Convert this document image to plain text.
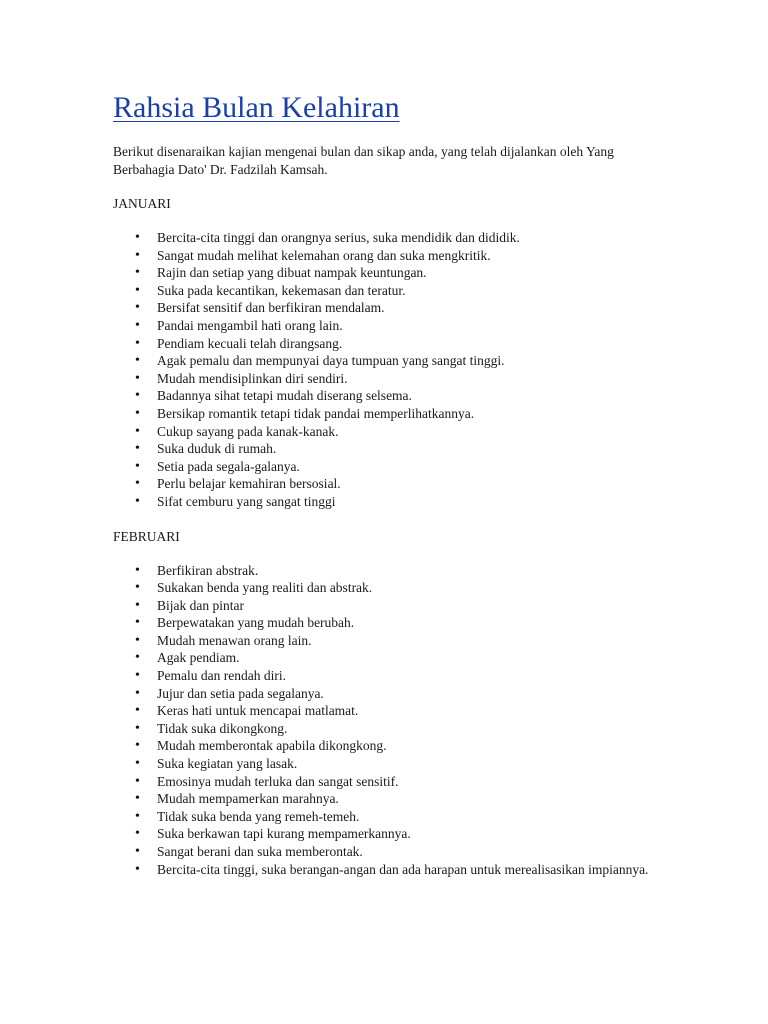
Rahsia Bulan Kelahiran

Berikut disenaraikan kajian mengenai bulan dan sikap anda, yang telah dijalankan oleh Yang Berbahagia Dato' Dr. Fadzilah Kamsah.

JANUARI
• Bercita-cita tinggi dan orangnya serius, suka mendidik dan dididik.
• Sangat mudah melihat kelemahan orang dan suka mengkritik.
• Rajin dan setiap yang dibuat nampak keuntungan.
• Suka pada kecantikan, kekemasan dan teratur.
• Bersifat sensitif dan berfikiran mendalam.
• Pandai mengambil hati orang lain.
• Pendiam kecuali telah dirangsang.
• Agak pemalu dan mempunyai daya tumpuan yang sangat tinggi.
• Mudah mendisiplinkan diri sendiri.
• Badannya sihat tetapi mudah diserang selsema.
• Bersikap romantik tetapi tidak pandai memperlihatkannya.
• Cukup sayang pada kanak-kanak.
• Suka duduk di rumah.
• Setia pada segala-galanya.
• Perlu belajar kemahiran bersosial.
• Sifat cemburu yang sangat tinggi
FEBRUARI
• Berfikiran abstrak.
• Sukakan benda yang realiti dan abstrak.
• Bijak dan pintar
• Berpewatakan yang mudah berubah.
• Mudah menawan orang lain.
• Agak pendiam.
• Pemalu dan rendah diri.
• Jujur dan setia pada segalanya.
• Keras hati untuk mencapai matlamat.
• Tidak suka dikongkong.
• Mudah memberontak apabila dikongkong.
• Suka kegiatan yang lasak.
• Emosinya mudah terluka dan sangat sensitif.
• Mudah mempamerkan marahnya.
• Tidak suka benda yang remeh-temeh.
• Suka berkawan tapi kurang mempamerkannya.
• Sangat berani dan suka memberontak.
• Bercita-cita tinggi, suka berangan-angan dan ada harapan untuk merealisasikan impiannya.
